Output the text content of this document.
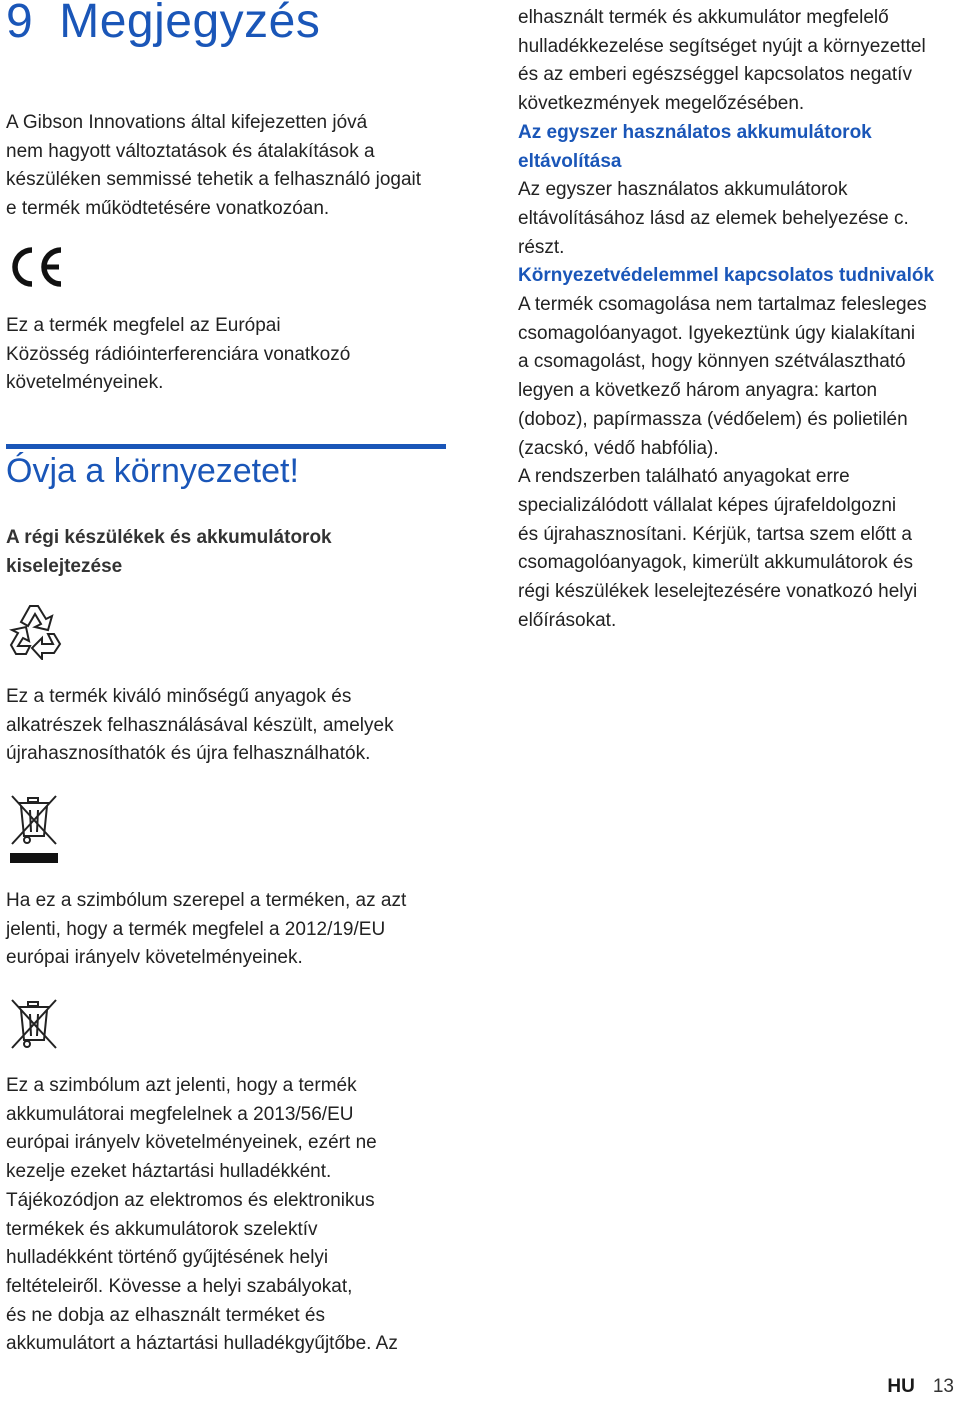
9 Megjegyzés

A Gibson Innovations által kifejezetten jóvá
nem hagyott változtatások és átalakítások a
készüléken semmissé tehetik a felhasználó jogait
e termék működtetésére vonatkozóan.

Ez a termék megfelel az Európai
Közösség rádióinterferenciára vonatkozó
követelményeinek.

Óvja a környezetet!

A régi készülékek és akkumulátorok
kiselejtezése

Ez a termék kiváló minőségű anyagok és
alkatrészek felhasználásával készült, amelyek
újrahasznosíthatók és újra felhasználhatók.

Ha ez a szimbólum szerepel a terméken, az azt
jelenti, hogy a termék megfelel a 2012/19/EU
európai irányelv követelményeinek.

Ez a szimbólum azt jelenti, hogy a termék
akkumulátorai megfelelnek a 2013/56/EU
európai irányelv követelményeinek, ezért ne
kezelje ezeket háztartási hulladékként.
Tájékozódjon az elektromos és elektronikus
termékek és akkumulátorok szelektív
hulladékként történő gyűjtésének helyi
feltételeiről. Kövesse a helyi szabályokat,
és ne dobja az elhasznált terméket és
akkumulátort a háztartási hulladékgyűjtőbe. Az

elhasznált termék és akkumulátor megfelelő
hulladékkezelése segítséget nyújt a környezettel
és az emberi egészséggel kapcsolatos negatív
következmények megelőzésében.

Az egyszer használatos akkumulátorok
eltávolítása

Az egyszer használatos akkumulátorok
eltávolításához lásd az elemek behelyezése c.
részt.

Környezetvédelemmel kapcsolatos tudnivalók

A termék csomagolása nem tartalmaz felesleges
csomagolóanyagot. Igyekeztünk úgy kialakítani
a csomagolást, hogy könnyen szétválasztható
legyen a következő három anyagra: karton
(doboz), papírmassza (védőelem) és polietilén
(zacskó, védő habfólia).
A rendszerben található anyagokat erre
specializálódott vállalat képes újrafeldolgozni
és újrahasznosítani. Kérjük, tartsa szem előtt a
csomagolóanyagok, kimerült akkumulátorok és
régi készülékek leselejtezésére vonatkozó helyi
előírásokat.

HU 13
